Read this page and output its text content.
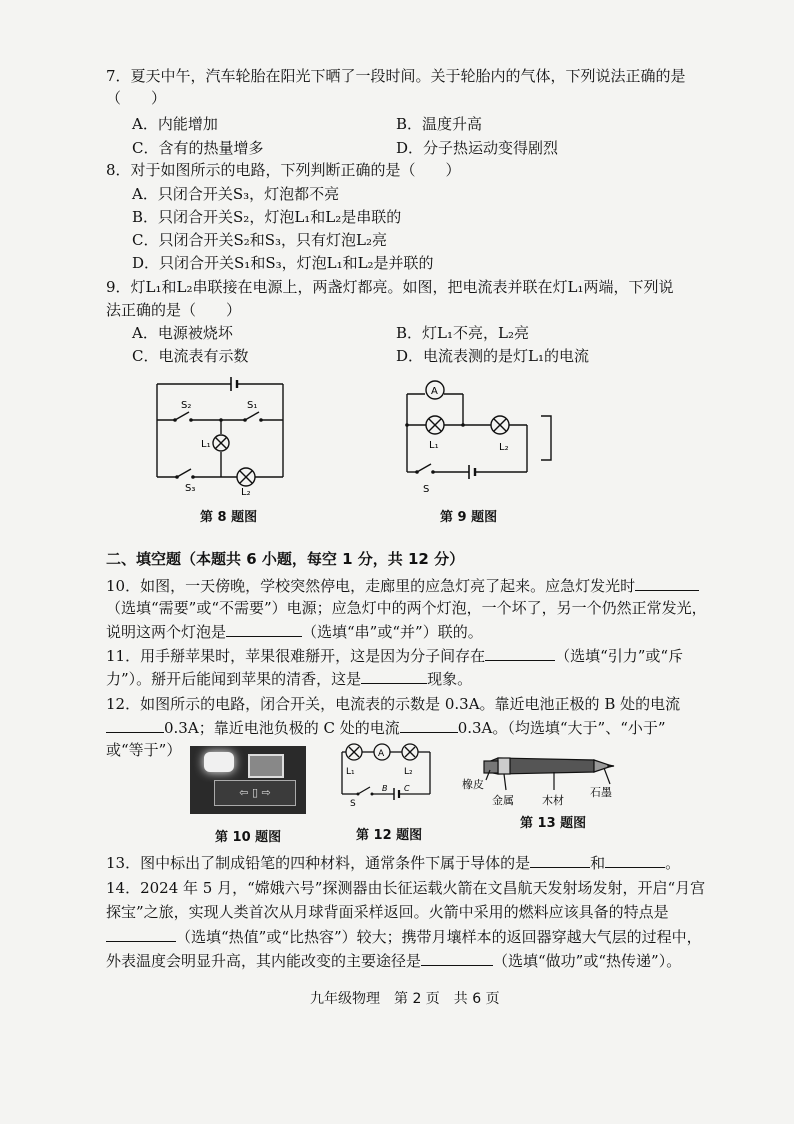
7．夏天中午，汽车轮胎在阳光下晒了一段时间。关于轮胎内的气体，下列说法正确的是
（　　）
A．内能增加	B．温度升高
C．含有的热量增多	D．分子热运动变得剧烈
8．对于如图所示的电路，下列判断正确的是（　　）
A．只闭合开关S₃，灯泡都不亮
B．只闭合开关S₂，灯泡L₁和L₂是串联的
C．只闭合开关S₂和S₃，只有灯泡L₂亮
D．只闭合开关S₁和S₃，灯泡L₁和L₂是并联的
9．灯L₁和L₂串联接在电源上，两盏灯都亮。如图，把电流表并联在灯L₁两端，下列说
法正确的是（　　）
A．电源被烧坏	B．灯L₁不亮，L₂亮
C．电流表有示数	D．电流表测的是灯L₁的电流
S₂	S₁
L₁
S₃	L₂
第 8 题图
A
L₁	L₂
S
第 9 题图
二、填空题（本题共 6 小题，每空 1 分，共 12 分）
10．如图，一天傍晚，学校突然停电，走廊里的应急灯亮了起来。应急灯发光时
（选填“需要”或“不需要”）电源；应急灯中的两个灯泡，一个坏了，另一个仍然正常发光，
说明这两个灯泡是	（选填“串”或“并”）联的。
11．用手掰苹果时，苹果很难掰开，这是因为分子间存在	（选填“引力”或“斥
力”）。掰开后能闻到苹果的清香，这是	现象。
12．如图所示的电路，闭合开关，电流表的示数是 0.3A。靠近电池正极的 B 处的电流
0.3A；靠近电池负极的 C 处的电流	0.3A。（均选填“大于”、“小于”
或“等于”）
⇦ ▯ ⇨
第 10 题图
A
L₁	L₂
S
B C
第 12 题图
橡皮
金属	木材
石墨
第 13 题图
13．图中标出了制成铅笔的四种材料，通常条件下属于导体的是	和	。
14．2024 年 5 月，“嫦娥六号”探测器由长征运载火箭在文昌航天发射场发射，开启“月宫
探宝”之旅，实现人类首次从月球背面采样返回。火箭中采用的燃料应该具备的特点是
（选填“热值”或“比热容”）较大；携带月壤样本的返回器穿越大气层的过程中，
外表温度会明显升高，其内能改变的主要途径是	（选填“做功”或“热传递”）。
九年级物理　第 2 页　共 6 页
